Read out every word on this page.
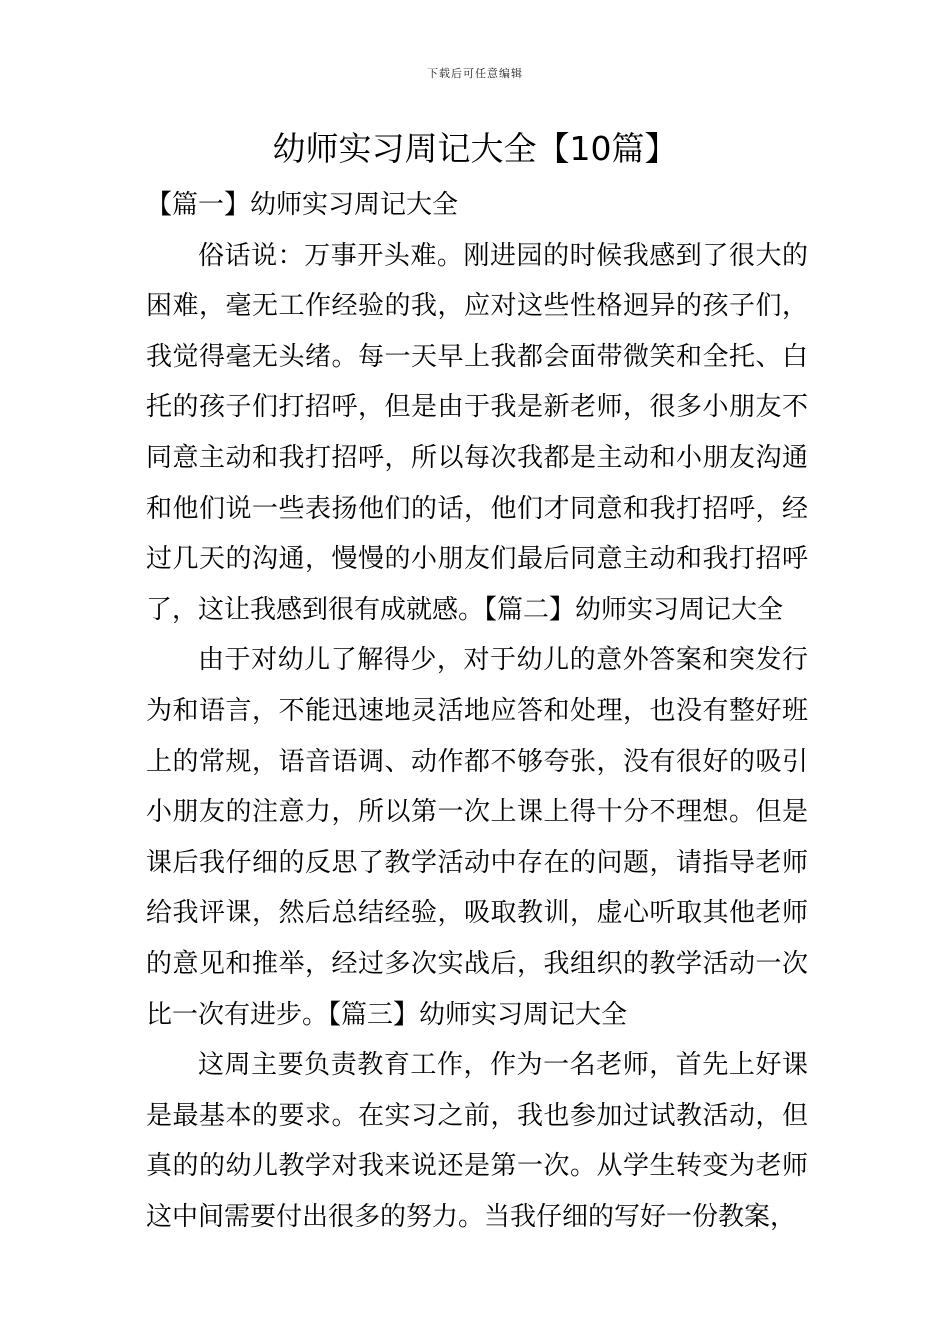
下载后可任意编辑
幼师实习周记大全【10篇】

【篇一】幼师实习周记大全

俗话说：万事开头难。刚进园的时候我感到了很大的困难，毫无工作经验的我，应对这些性格迥异的孩子们，我觉得毫无头绪。每一天早上我都会面带微笑和全托、白托的孩子们打招呼，但是由于我是新老师，很多小朋友不同意主动和我打招呼，所以每次我都是主动和小朋友沟通和他们说一些表扬他们的话，他们才同意和我打招呼，经过几天的沟通，慢慢的小朋友们最后同意主动和我打招呼了，这让我感到很有成就感。【篇二】幼师实习周记大全

由于对幼儿了解得少，对于幼儿的意外答案和突发行为和语言，不能迅速地灵活地应答和处理，也没有整好班上的常规，语音语调、动作都不够夸张，没有很好的吸引小朋友的注意力，所以第一次上课上得十分不理想。但是课后我仔细的反思了教学活动中存在的问题，请指导老师给我评课，然后总结经验，吸取教训，虚心听取其他老师的意见和推举，经过多次实战后，我组织的教学活动一次比一次有进步。【篇三】幼师实习周记大全

这周主要负责教育工作，作为一名老师，首先上好课是最基本的要求。在实习之前，我也参加过试教活动，但真的的幼儿教学对我来说还是第一次。从学生转变为老师这中间需要付出很多的努力。当我仔细的写好一份教案，
